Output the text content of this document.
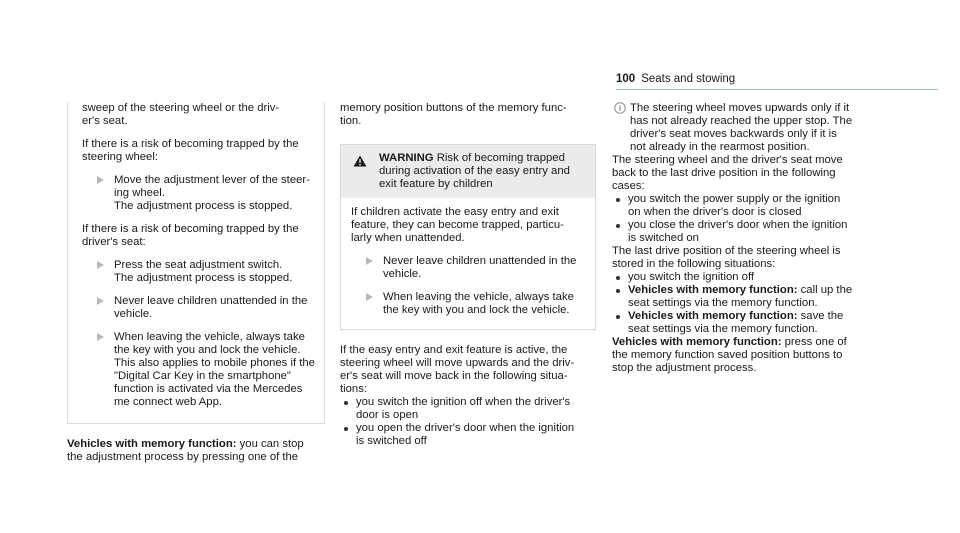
100 Seats and stowing

sweep of the steering wheel or the driv-

er's seat.

If there is a risk of becoming trapped by the

steering wheel:

Move the adjustment lever of the steer-

ing wheel.

The adjustment process is stopped.

If there is a risk of becoming trapped by the

driver's seat:

Press the seat adjustment switch.

The adjustment process is stopped.

Never leave children unattended in the

vehicle.

When leaving the vehicle, always take

the key with you and lock the vehicle.

This also applies to mobile phones if the

"Digital Car Key in the smartphone"

function is activated via the Mercedes

me connect web App.

Vehicles with memory function: you can stop

the adjustment process by pressing one of the

memory position buttons of the memory func-

tion.

WARNING Risk of becoming trapped

during activation of the easy entry and

exit feature by children

If children activate the easy entry and exit

feature, they can become trapped, particu-

larly when unattended.

Never leave children unattended in the

vehicle.

When leaving the vehicle, always take

the key with you and lock the vehicle.

If the easy entry and exit feature is active, the

steering wheel will move upwards and the driv-

er's seat will move back in the following situa-

tions:

you switch the ignition off when the driver's

door is open

you open the driver's door when the ignition

is switched off

The steering wheel moves upwards only if it

has not already reached the upper stop. The

driver's seat moves backwards only if it is

not already in the rearmost position.

The steering wheel and the driver's seat move

back to the last drive position in the following

cases:

you switch the power supply or the ignition

on when the driver's door is closed

you close the driver's door when the ignition

is switched on

The last drive position of the steering wheel is

stored in the following situations:

you switch the ignition off

Vehicles with memory function: call up the

seat settings via the memory function.

Vehicles with memory function: save the

seat settings via the memory function.

Vehicles with memory function: press one of

the memory function saved position buttons to

stop the adjustment process.
